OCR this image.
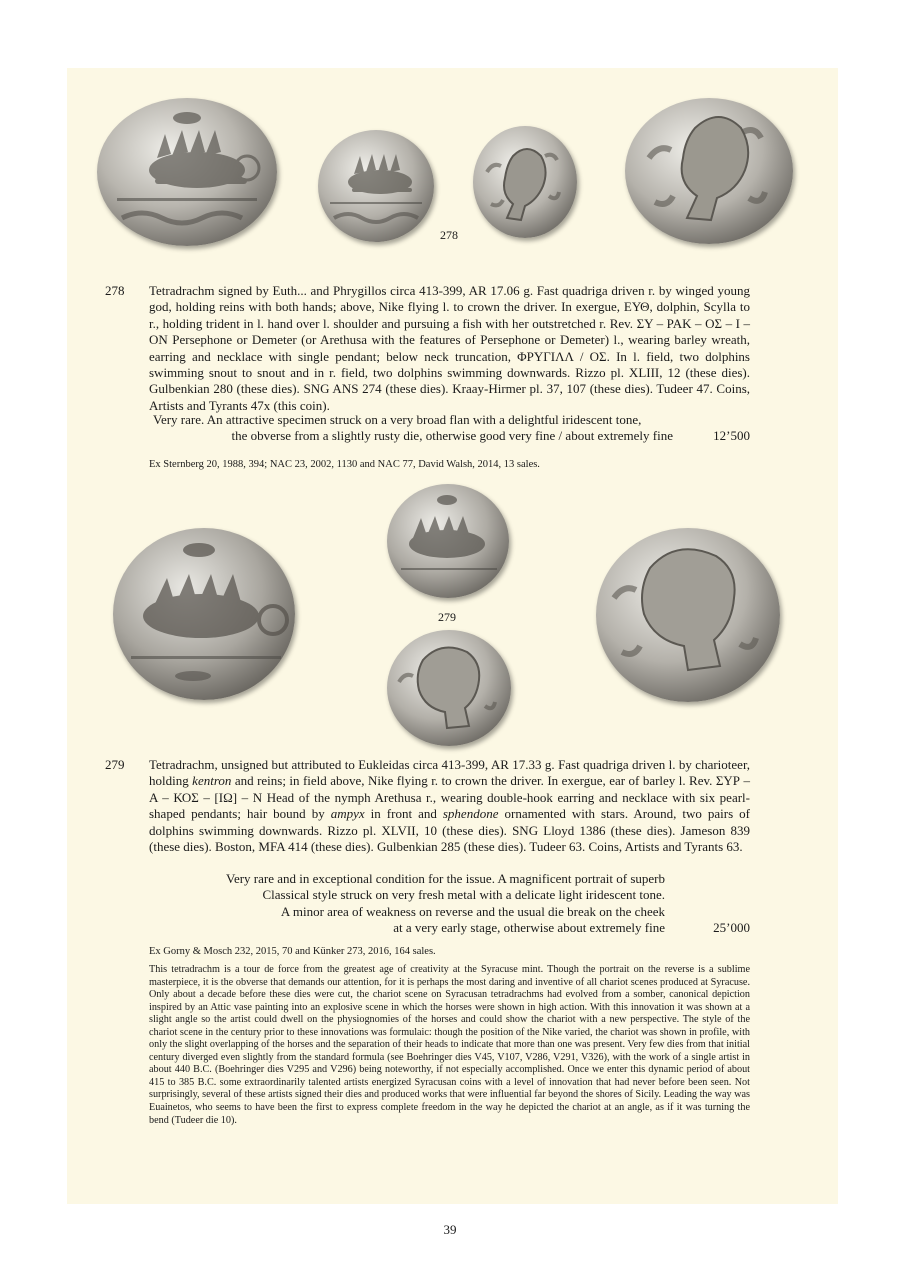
278
278 Tetradrachm signed by Euth... and Phrygillos circa 413-399, AR 17.06 g. Fast quadriga driven r. by winged young god, holding reins with both hands; above, Nike flying l. to crown the driver. In exergue, ΕΥΘ, dolphin, Scylla to r., holding trident in l. hand over l. shoulder and pursuing a fish with her outstretched r. Rev. ΣΥ – ΡΑΚ – ΟΣ – Ι – ΟΝ Persephone or Demeter (or Arethusa with the features of Persephone or Demeter) l., wearing barley wreath, earring and necklace with single pendant; below neck truncation, ΦΡΥΓΙΛΛ / ΟΣ. In l. field, two dolphins swimming snout to snout and in r. field, two dolphins swimming downwards. Rizzo pl. XLIII, 12 (these dies). Gulbenkian 280 (these dies). SNG ANS 274 (these dies). Kraay-Hirmer pl. 37, 107 (these dies). Tudeer 47. Coins, Artists and Tyrants 47x (this coin).

Very rare. An attractive specimen struck on a very broad flan with a delightful iridescent tone,
the obverse from a slightly rusty die, otherwise good very fine / about extremely fine	12’500
Ex Sternberg 20, 1988, 394; NAC 23, 2002, 1130 and NAC 77, David Walsh, 2014, 13 sales.
279
279 Tetradrachm, unsigned but attributed to Eukleidas circa 413-399, AR 17.33 g. Fast quadriga driven l. by charioteer, holding kentron and reins; in field above, Nike flying r. to crown the driver. In exergue, ear of barley l. Rev. ΣΥΡ – Α – ΚΟΣ – [ΙΩ] – Ν Head of the nymph Arethusa r., wearing double-hook earring and necklace with six pearl-shaped pendants; hair bound by ampyx in front and sphendone ornamented with stars. Around, two pairs of dolphins swimming downwards. Rizzo pl. XLVII, 10 (these dies). SNG Lloyd 1386 (these dies). Jameson 839 (these dies). Boston, MFA 414 (these dies). Gulbenkian 285 (these dies). Tudeer 63. Coins, Artists and Tyrants 63.

Very rare and in exceptional condition for the issue. A magnificent portrait of superb
Classical style struck on very fresh metal with a delicate light iridescent tone.
A minor area of weakness on reverse and the usual die break on the cheek
at a very early stage, otherwise about extremely fine	25’000
Ex Gorny & Mosch 232, 2015, 70 and Künker 273, 2016, 164 sales.
This tetradrachm is a tour de force from the greatest age of creativity at the Syracuse mint. Though the portrait on the reverse is a sublime masterpiece, it is the obverse that demands our attention, for it is perhaps the most daring and inventive of all chariot scenes produced at Syracuse. Only about a decade before these dies were cut, the chariot scene on Syracusan tetradrachms had evolved from a somber, canonical depiction inspired by an Attic vase painting into an explosive scene in which the horses were shown in high action. With this innovation it was shown at a slight angle so the artist could dwell on the physiognomies of the horses and could show the chariot with a new perspective. The style of the chariot scene in the century prior to these innovations was formulaic: though the position of the Nike varied, the chariot was shown in profile, with only the slight overlapping of the horses and the separation of their heads to indicate that more than one was present. Very few dies from that initial century diverged even slightly from the standard formula (see Boehringer dies V45, V107, V286, V291, V326), with the work of a single artist in about 440 B.C. (Boehringer dies V295 and V296) being noteworthy, if not especially accomplished. Once we enter this dynamic period of about 415 to 385 B.C. some extraordinarily talented artists energized Syracusan coins with a level of innovation that had never before been seen. Not surprisingly, several of these artists signed their dies and produced works that were influential far beyond the shores of Sicily. Leading the way was Euainetos, who seems to have been the first to express complete freedom in the way he depicted the chariot at an angle, as if it was turning the bend (Tudeer die 10).
39
